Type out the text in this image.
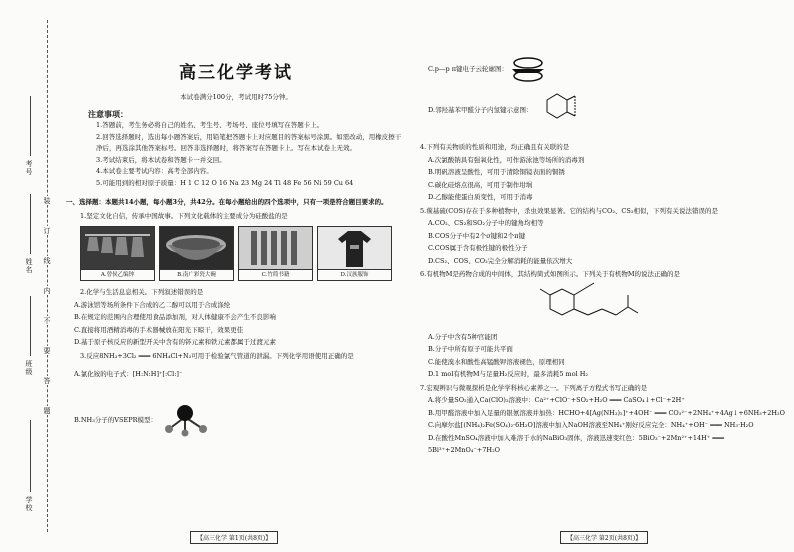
考号
姓名
班级
学校
装
订
线
内
不
要
答
题
高三化学考试
本试卷满分100分，考试用时75分钟。
注意事项：
1.答题前，考生务必将自己的姓名、考生号、考场号、座位号填写在答题卡上。
2.回答选择题时，选出每小题答案后，用铅笔把答题卡上对应题目的答案标号涂黑。如需改动，用橡皮擦干净后，再选涂其他答案标号。回答非选择题时，将答案写在答题卡上。写在本试卷上无效。
3.考试结束后，将本试卷和答题卡一并交回。
4.本试卷主要考试内容：高考全部内容。
5.可能用到的相对原子质量：H 1 C 12 O 16 Na 23 Mg 24 Ti 48 Fe 56 Ni 59 Cu 64
一、选择题：本题共14小题，每小题3分，共42分。在每小题给出的四个选项中，只有一项是符合题目要求的。
1.坚定文化自信，传承中国故事。下列文化载体的主要成分为硅酸盐的是
A.曾侯乙编钟	B.南广彩瓷大碗	C.竹简书籍	D.汉族服饰
2.化学与生活息息相关。下列叙述错误的是
A.游泳馆等场所条件下合成的乙二醇可以用于合成涤纶
B.在规定的范围内合理使用食品添加剂，对人体健康不会产生不良影响
C.直接将用酒精消毒的手术器械放在阳光下晾干，效果更佳
D.基于原子核反应的新型开关中含有的钚元素和铁元素都属于过渡元素
3.反应8NH₃+3Cl₂ ═══ 6NH₄Cl+N₂可用于检验氯气管道的泄漏。下列化学用语使用正确的是
A.氯化铵的电子式：[H:N:H]⁺[:Cl:]⁻
B.NH₃分子的VSEPR模型：
【高三化学 第1页(共8页)】
C.p—p π键电子云轮廓图：
D.邻羟基苯甲醛分子内氢键示意图：
4.下列有关物质的性质和用途，均正确且有关联的是
A.次氯酸钠具有强氧化性，可作游泳池等场所的消毒剂
B.明矾溶液呈酸性，可用于清除铜镜表面的铜锈
C.碳化硅熔点很高，可用于制作坩埚
D.乙醇能使蛋白质变性，可用于消毒
5.羰基硫(COS)存在于多种植物中，杀虫效果显著。它的结构与CO₂、CS₂相似，下列有关说法错误的是
A.CO₂、CS₂和SO₂分子中的键角均相等
B.COS分子中有2个σ键和2个π键
C.COS属于含有极性键的极性分子
D.CS₂、COS、CO₂完全分解消耗的能量依次增大
6.有机物M是药物合成的中间体，其结构简式如图所示。下列关于有机物M的说法正确的是
A.分子中含有5种官能团
B.分子中所有原子可能共平面
C.能使溴水和酸性高锰酸钾溶液褪色，原理相同
D.1 mol有机物M与足量H₂反应时，最多消耗5 mol H₂
7.宏观辨识与微观探析是化学学科核心素养之一。下列离子方程式书写正确的是
A.将少量SO₂通入Ca(ClO)₂溶液中：Ca²⁺+ClO⁻+SO₂+H₂O ═══ CaSO₄↓+Cl⁻+2H⁺
B.用甲醛溶液中加入足量的银氨溶液并加热：HCHO+4[Ag(NH₃)₂]⁺+4OH⁻ ═══ CO₃²⁻+2NH₄⁺+4Ag↓+6NH₃+2H₂O
C.向摩尔盐[(NH₄)₂Fe(SO₄)₂·6H₂O]溶液中加入NaOH溶液至NH₄⁺刚好反应完全：NH₄⁺+OH⁻ ═══ NH₃·H₂O
D.在酸性MnSO₄溶液中加入难溶于水的NaBiO₃固体，溶液迅速变红色：5BiO₃⁻+2Mn²⁺+14H⁺ ═══ 5Bi³⁺+2MnO₄⁻+7H₂O
【高三化学 第2页(共8页)】
